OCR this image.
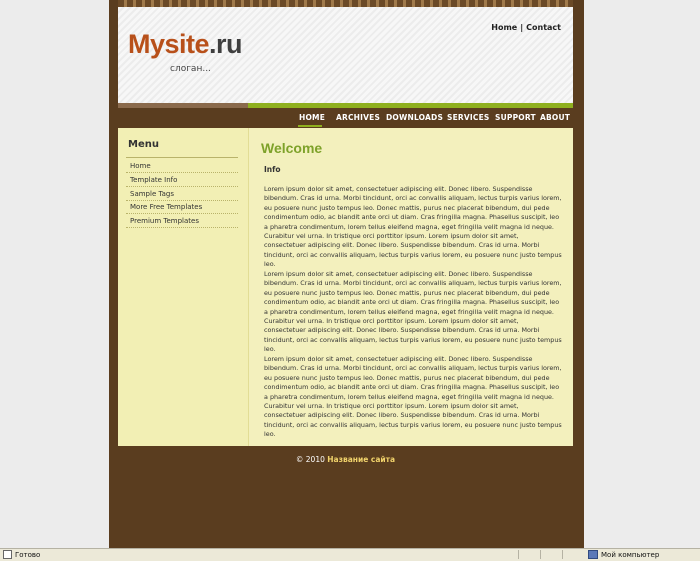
Mysite.ru
слоган...
Home | Contact
HOME ARCHIVES DOWNLOADS SERVICES SUPPORT ABOUT
Menu
Home
Template Info
Sample Tags
More Free Templates
Premium Templates
Welcome
Info
Lorem ipsum dolor sit amet, consectetuer adipiscing elit. Donec libero. Suspendisse bibendum. Cras id urna. Morbi tincidunt, orci ac convallis aliquam, lectus turpis varius lorem, eu posuere nunc justo tempus leo. Donec mattis, purus nec placerat bibendum, dui pede condimentum odio, ac blandit ante orci ut diam. Cras fringilla magna. Phasellus suscipit, leo a pharetra condimentum, lorem tellus eleifend magna, eget fringilla velit magna id neque. Curabitur vel urna. In tristique orci porttitor ipsum. Lorem ipsum dolor sit amet, consectetuer adipiscing elit. Donec libero. Suspendisse bibendum. Cras id urna. Morbi tincidunt, orci ac convallis aliquam, lectus turpis varius lorem, eu posuere nunc justo tempus leo.
Lorem ipsum dolor sit amet, consectetuer adipiscing elit. Donec libero. Suspendisse bibendum. Cras id urna. Morbi tincidunt, orci ac convallis aliquam, lectus turpis varius lorem, eu posuere nunc justo tempus leo. Donec mattis, purus nec placerat bibendum, dui pede condimentum odio, ac blandit ante orci ut diam. Cras fringilla magna. Phasellus suscipit, leo a pharetra condimentum, lorem tellus eleifend magna, eget fringilla velit magna id neque. Curabitur vel urna. In tristique orci porttitor ipsum. Lorem ipsum dolor sit amet, consectetuer adipiscing elit. Donec libero. Suspendisse bibendum. Cras id urna. Morbi tincidunt, orci ac convallis aliquam, lectus turpis varius lorem, eu posuere nunc justo tempus leo.
Lorem ipsum dolor sit amet, consectetuer adipiscing elit. Donec libero. Suspendisse bibendum. Cras id urna. Morbi tincidunt, orci ac convallis aliquam, lectus turpis varius lorem, eu posuere nunc justo tempus leo. Donec mattis, purus nec placerat bibendum, dui pede condimentum odio, ac blandit ante orci ut diam. Cras fringilla magna. Phasellus suscipit, leo a pharetra condimentum, lorem tellus eleifend magna, eget fringilla velit magna id neque. Curabitur vel urna. In tristique orci porttitor ipsum. Lorem ipsum dolor sit amet, consectetuer adipiscing elit. Donec libero. Suspendisse bibendum. Cras id urna. Morbi tincidunt, orci ac convallis aliquam, lectus turpis varius lorem, eu posuere nunc justo tempus leo.
© 2010 Название сайта
Готово	Мой компьютер
